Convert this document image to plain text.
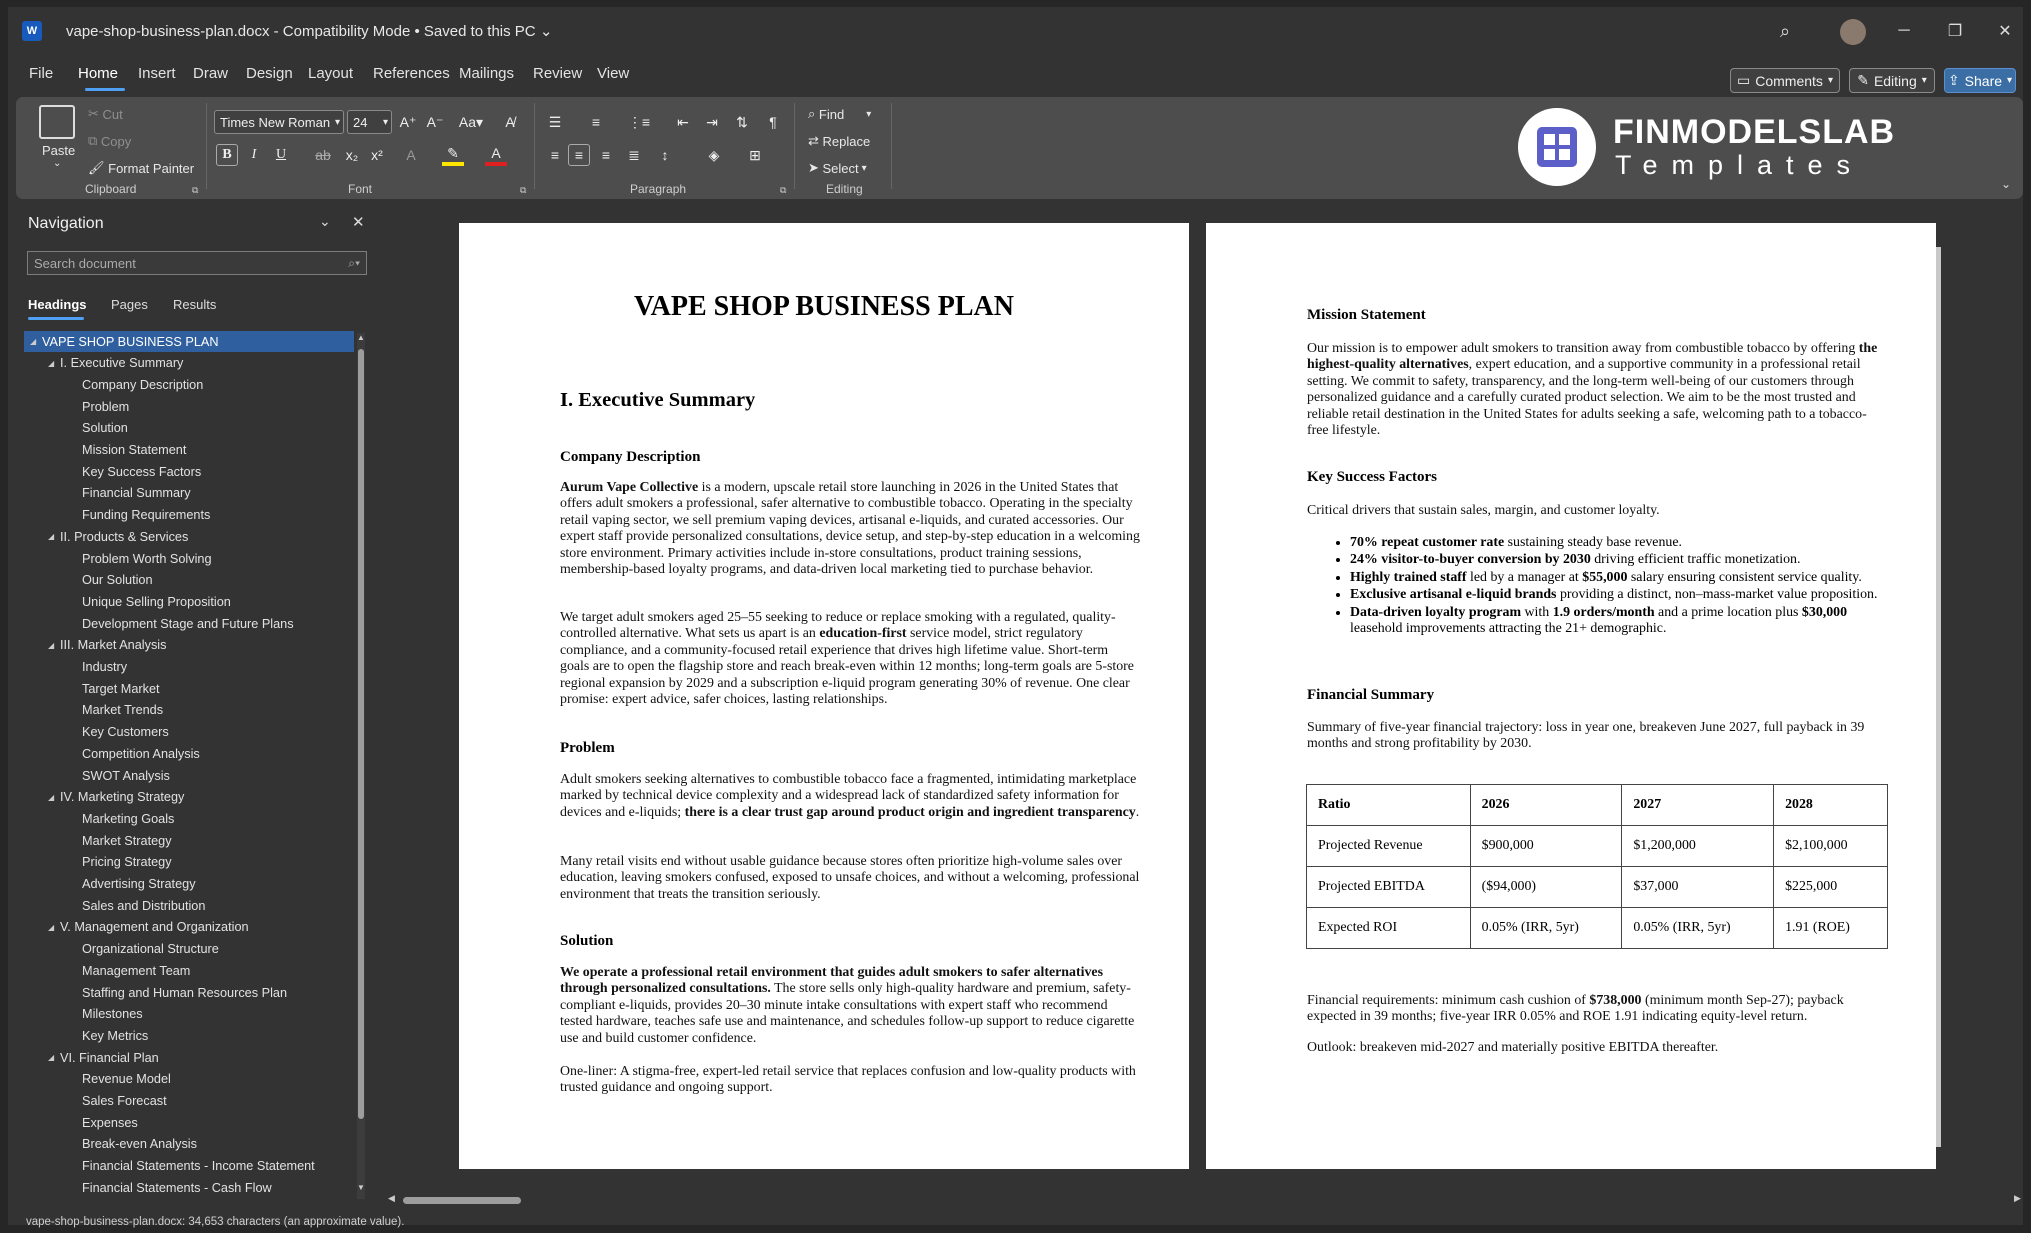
W	vape-shop-business-plan.docx - Compatibility Mode • Saved to this PC ⌄	⌕	─	❐	✕
File Home Insert Draw Design Layout References Mailings Review View	▭ Comments ▾ ✎ Editing ▾ ⇪ Share ▾
Paste
⌄
✂ Cut
⧉ Copy
🖌 Format Painter
Clipboard	⧉
Times New Roman ▾ 24 ▾ A⁺ A⁻	Aa▾	A̸
B	I	U	ab	x₂ x²	A	✎	A
Font	⧉
☰	≡	⋮≡	⇤	⇥	⇅	¶
≡	≡	≡	≣	↕	◈	⊞
Paragraph	⧉
⌕ Find ▾
⇄ Replace
➤ Select ▾
Editing
FINMODELSLAB
Templates
⌄
Navigation	⌄ ✕
Search document	⌕▾
Headings Pages Results
◢ VAPE SHOP BUSINESS PLAN
◢ I. Executive Summary
Company Description
Problem
Solution
Mission Statement
Key Success Factors
Financial Summary
Funding Requirements
◢ II. Products & Services
Problem Worth Solving
Our Solution
Unique Selling Proposition
Development Stage and Future Plans
◢ III. Market Analysis
Industry
Target Market
Market Trends
Key Customers
Competition Analysis
SWOT Analysis
◢ IV. Marketing Strategy
Marketing Goals
Market Strategy
Pricing Strategy
Advertising Strategy
Sales and Distribution
◢ V. Management and Organization
Organizational Structure
Management Team
Staffing and Human Resources Plan
Milestones
Key Metrics
◢ VI. Financial Plan
Revenue Model
Sales Forecast
Expenses
Break-even Analysis
Financial Statements - Income Statement
Financial Statements - Cash Flow
▲
▼
VAPE SHOP BUSINESS PLAN
I. Executive Summary
Company Description
Aurum Vape Collective is a modern, upscale retail store launching in 2026 in the United States that offers adult smokers a professional, safer alternative to combustible tobacco. Operating in the specialty retail vaping sector, we sell premium vaping devices, artisanal e-liquids, and curated accessories. Our expert staff provide personalized consultations, device setup, and step-by-step education in a welcoming store environment. Primary activities include in-store consultations, product training sessions, membership-based loyalty programs, and data-driven local marketing tied to purchase behavior.
We target adult smokers aged 25–55 seeking to reduce or replace smoking with a regulated, quality-controlled alternative. What sets us apart is an education-first service model, strict regulatory compliance, and a community-focused retail experience that drives high lifetime value. Short-term goals are to open the flagship store and reach break-even within 12 months; long-term goals are 5-store regional expansion by 2029 and a subscription e-liquid program generating 30% of revenue. One clear promise: expert advice, safer choices, lasting relationships.
Problem
Adult smokers seeking alternatives to combustible tobacco face a fragmented, intimidating marketplace marked by technical device complexity and a widespread lack of standardized safety information for devices and e-liquids; there is a clear trust gap around product origin and ingredient transparency.
Many retail visits end without usable guidance because stores often prioritize high-volume sales over education, leaving smokers confused, exposed to unsafe choices, and without a welcoming, professional environment that treats the transition seriously.
Solution
We operate a professional retail environment that guides adult smokers to safer alternatives through personalized consultations. The store sells only high-quality hardware and premium, safety-compliant e-liquids, provides 20–30 minute intake consultations with expert staff who recommend tested hardware, teaches safe use and maintenance, and schedules follow-up support to reduce cigarette use and build customer confidence.
One-liner: A stigma-free, expert-led retail service that replaces confusion and low-quality products with trusted guidance and ongoing support.
Mission Statement
Our mission is to empower adult smokers to transition away from combustible tobacco by offering the highest-quality alternatives, expert education, and a supportive community in a professional retail setting. We commit to safety, transparency, and the long-term well-being of our customers through personalized guidance and a carefully curated product selection. We aim to be the most trusted and reliable retail destination in the United States for adults seeking a safe, welcoming path to a tobacco-free lifestyle.
Key Success Factors
Critical drivers that sustain sales, margin, and customer loyalty.
• 70% repeat customer rate sustaining steady base revenue.
• 24% visitor-to-buyer conversion by 2030 driving efficient traffic monetization.
• Highly trained staff led by a manager at $55,000 salary ensuring consistent service quality.
• Exclusive artisanal e-liquid brands providing a distinct, non–mass-market value proposition.
• Data-driven loyalty program with 1.9 orders/month and a prime location plus $30,000 leasehold improvements attracting the 21+ demographic.
Financial Summary
Summary of five-year financial trajectory: loss in year one, breakeven June 2027, full payback in 39 months and strong profitability by 2030.
Ratio	2026	2027	2028
Projected Revenue	$900,000	$1,200,000	$2,100,000
Projected EBITDA	($94,000)	$37,000	$225,000
Expected ROI	0.05% (IRR, 5yr)	0.05% (IRR, 5yr)	1.91 (ROE)
Financial requirements: minimum cash cushion of $738,000 (minimum month Sep-27); payback expected in 39 months; five-year IRR 0.05% and ROE 1.91 indicating equity-level return.
Outlook: breakeven mid-2027 and materially positive EBITDA thereafter.
◀	▶
vape-shop-business-plan.docx: 34,653 characters (an approximate value).
